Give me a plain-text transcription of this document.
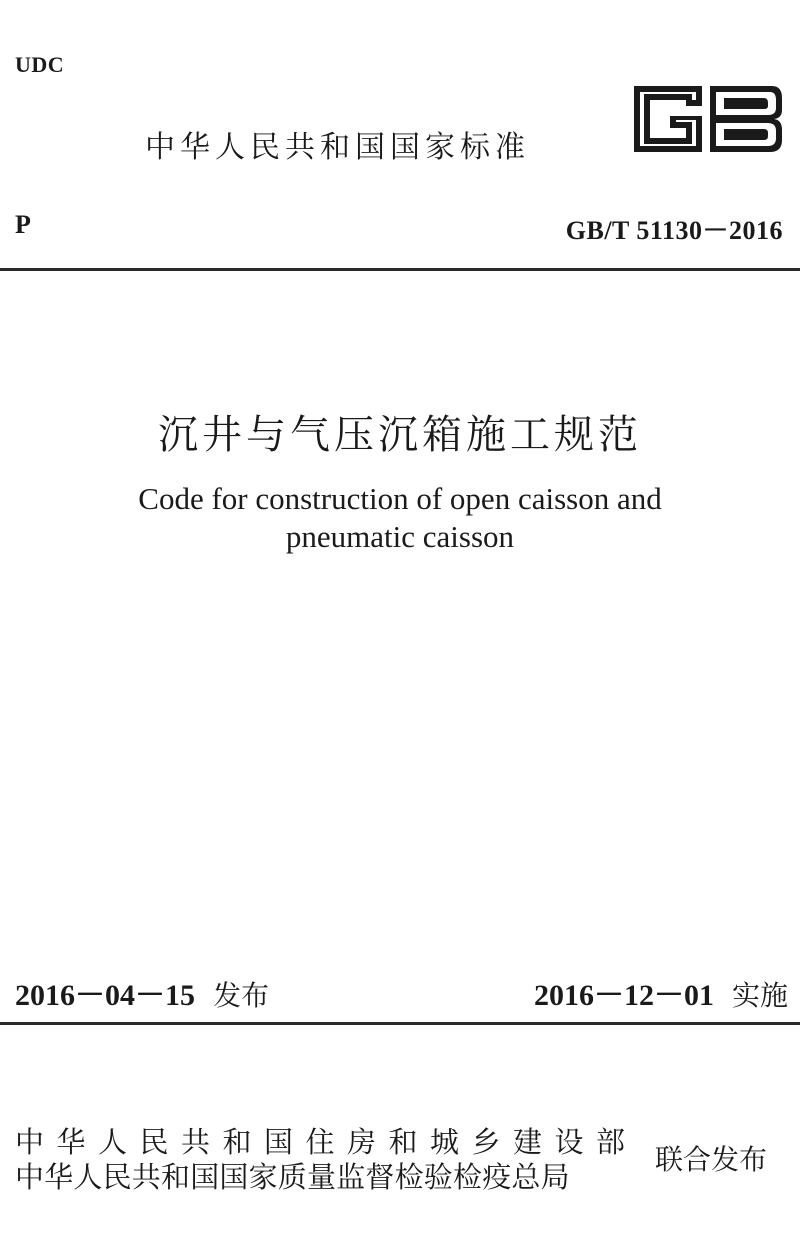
UDC
中华人民共和国国家标准
P	GB/T 51130－2016
沉井与气压沉箱施工规范
Code for construction of open caisson and
pneumatic caisson
2016－04－15 发布	2016－12－01 实施
中华人民共和国住房和城乡建设部
中华人民共和国国家质量监督检验检疫总局
联合发布
